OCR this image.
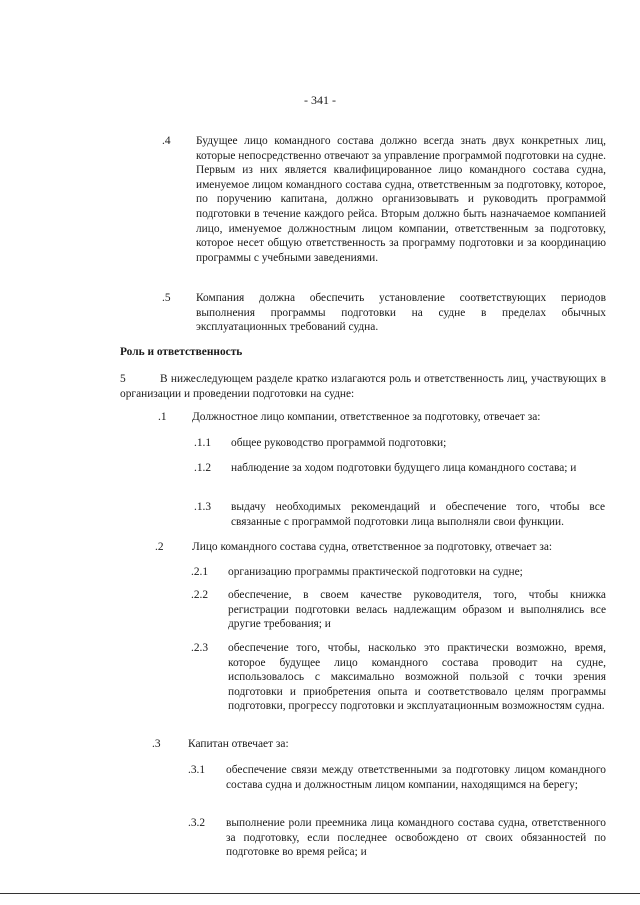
- 341 -
.4 Будущее лицо командного состава должно всегда знать двух конкретных лиц, которые непосредственно отвечают за управление программой подготовки на судне. Первым из них является квалифицированное лицо командного состава судна, именуемое лицом командного состава судна, ответственным за подготовку, которое, по поручению капитана, должно организовывать и руководить программой подготовки в течение каждого рейса. Вторым должно быть назначаемое компанией лицо, именуемое должностным лицом компании, ответственным за подготовку, которое несет общую ответственность за программу подготовки и за координацию программы с учебными заведениями.
.5 Компания должна обеспечить установление соответствующих периодов выполнения программы подготовки на судне в пределах обычных эксплуатационных требований судна.
Роль и ответственность
5	В нижеследующем разделе кратко излагаются роль и ответственность лиц, участвующих в организации и проведении подготовки на судне:
.1 Должностное лицо компании, ответственное за подготовку, отвечает за:
.1.1 общее руководство программой подготовки;
.1.2 наблюдение за ходом подготовки будущего лица командного состава; и
.1.3 выдачу необходимых рекомендаций и обеспечение того, чтобы все связанные с программой подготовки лица выполняли свои функции.
.2 Лицо командного состава судна, ответственное за подготовку, отвечает за:
.2.1 организацию программы практической подготовки на судне;
.2.2 обеспечение, в своем качестве руководителя, того, чтобы книжка регистрации подготовки велась надлежащим образом и выполнялись все другие требования; и
.2.3 обеспечение того, чтобы, насколько это практически возможно, время, которое будущее лицо командного состава проводит на судне, использовалось с максимально возможной пользой с точки зрения подготовки и приобретения опыта и соответствовало целям программы подготовки, прогрессу подготовки и эксплуатационным возможностям судна.
.3 Капитан отвечает за:
.3.1 обеспечение связи между ответственными за подготовку лицом командного состава судна и должностным лицом компании, находящимся на берегу;
.3.2 выполнение роли преемника лица командного состава судна, ответственного за подготовку, если последнее освобождено от своих обязанностей по подготовке во время рейса; и
